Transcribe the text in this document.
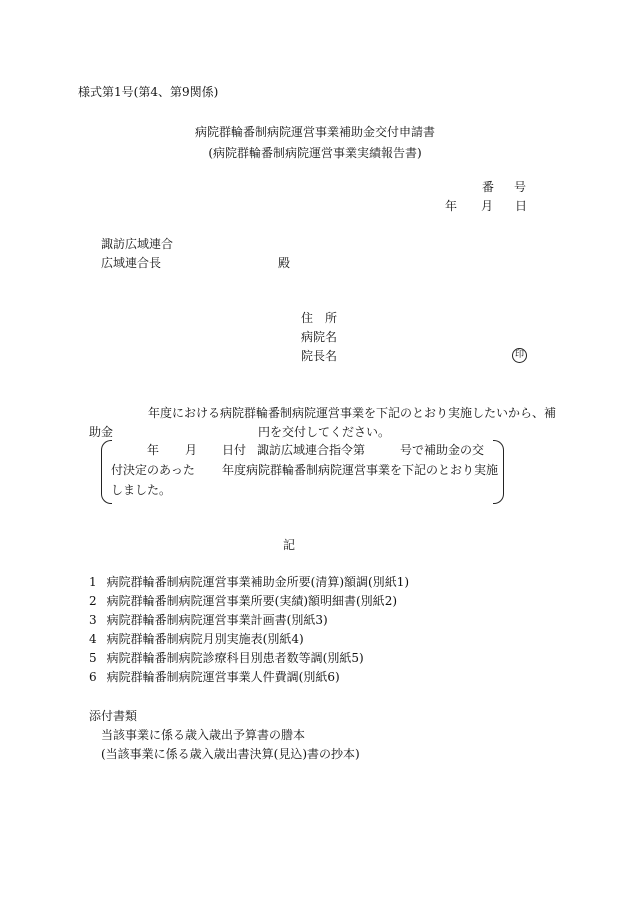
様式第1号(第4、第9関係)
病院群輪番制病院運営事業補助金交付申請書
(病院群輪番制病院運営事業実績報告書)
番 号
年 月 日
諏訪広域連合
広域連合長	殿
住 所
病院名
院長名	印
年度における病院群輪番制病院運営事業を下記のとおり実施したいから、補
助金	円を交付してください。
年 月 日付 諏訪広域連合指令第	号で補助金の交
付決定のあった 年度病院群輪番制病院運営事業を下記のとおり実施
しました。
記
1 病院群輪番制病院運営事業補助金所要(清算)額調(別紙1)
2 病院群輪番制病院運営事業所要(実績)額明細書(別紙2)
3 病院群輪番制病院運営事業計画書(別紙3)
4 病院群輪番制病院月別実施表(別紙4)
5 病院群輪番制病院診療科目別患者数等調(別紙5)
6 病院群輪番制病院運営事業人件費調(別紙6)
添付書類
当該事業に係る歳入歳出予算書の謄本
(当該事業に係る歳入歳出書決算(見込)書の抄本)
